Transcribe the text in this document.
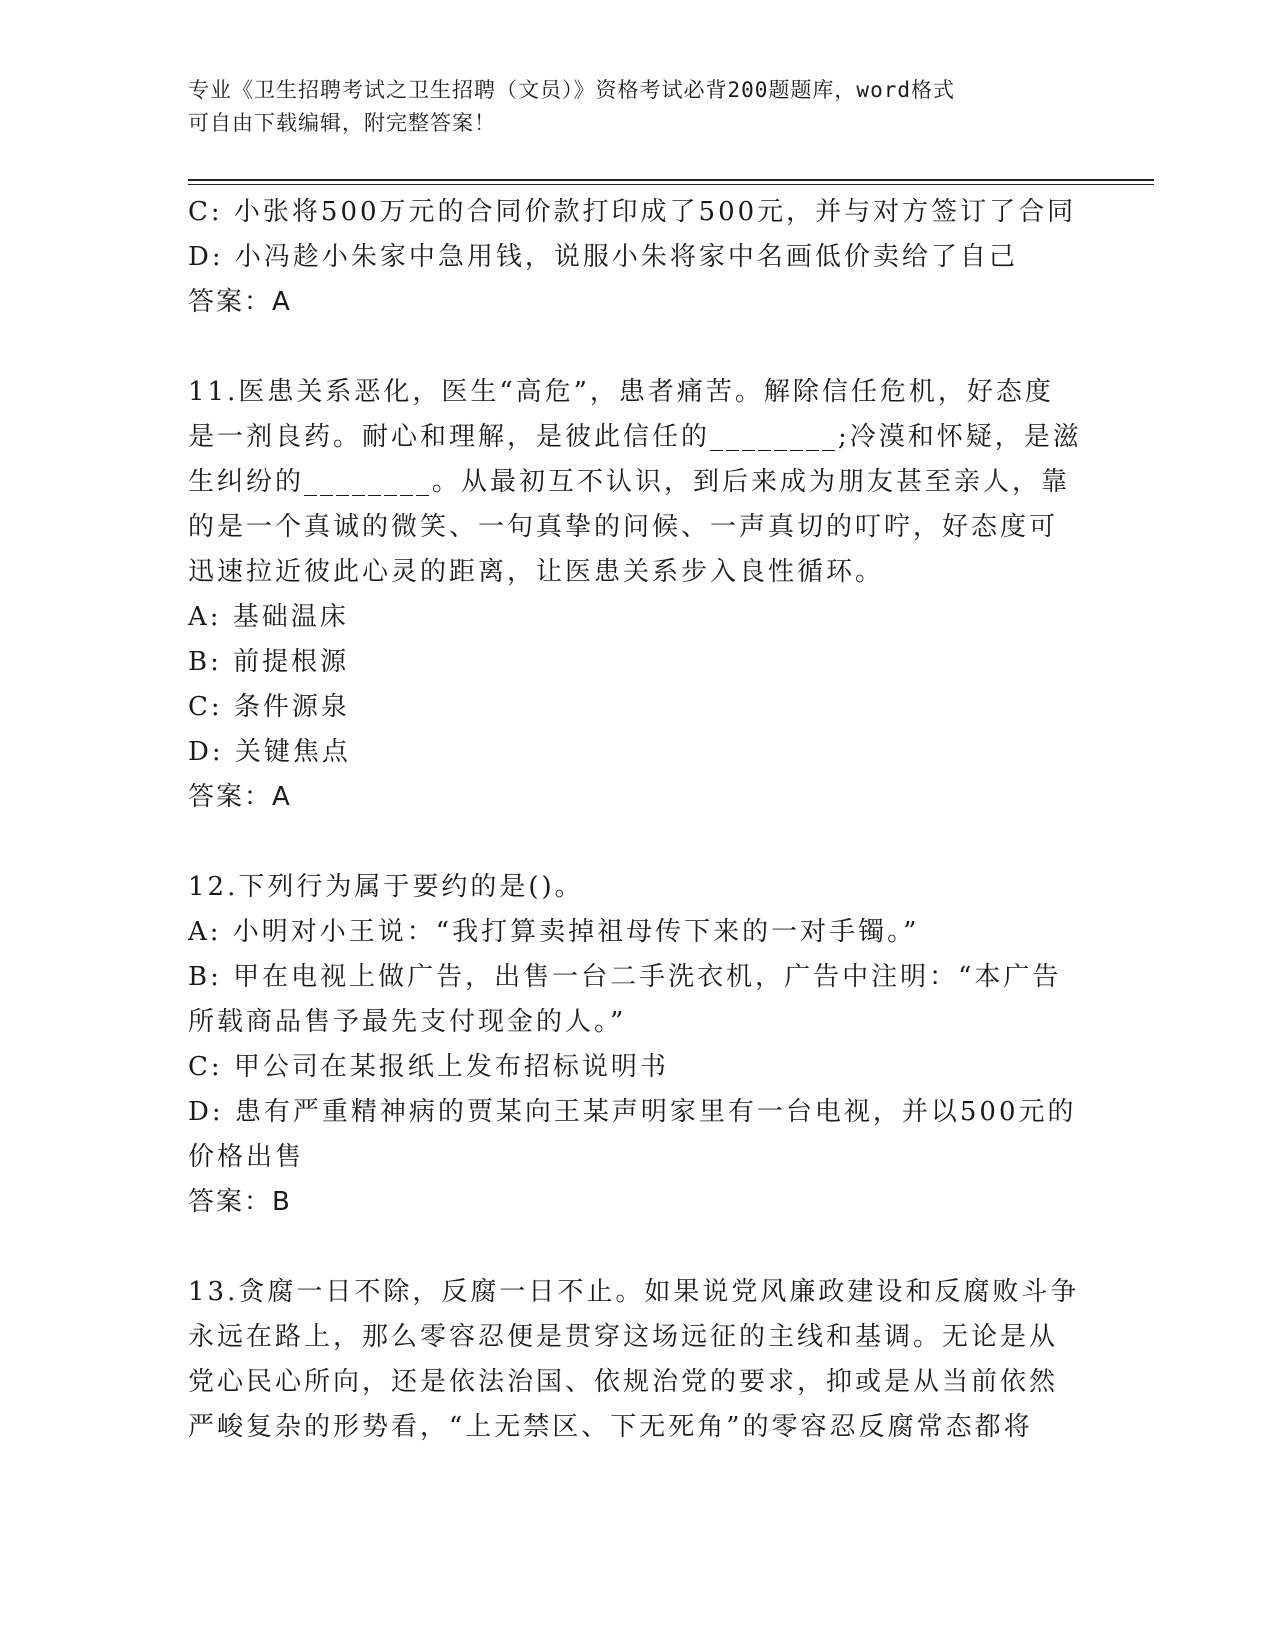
专业《卫生招聘考试之卫生招聘（文员）》资格考试必背200题题库，word格式
可自由下载编辑，附完整答案！
C: 小张将500万元的合同价款打印成了500元，并与对方签订了合同
D: 小冯趁小朱家中急用钱，说服小朱将家中名画低价卖给了自己
答案：A
11.医患关系恶化，医生“高危”，患者痛苦。解除信任危机，好态度
是一剂良药。耐心和理解，是彼此信任的________;冷漠和怀疑，是滋
生纠纷的________。从最初互不认识，到后来成为朋友甚至亲人，靠
的是一个真诚的微笑、一句真挚的问候、一声真切的叮咛，好态度可
迅速拉近彼此心灵的距离，让医患关系步入良性循环。
A: 基础温床
B: 前提根源
C: 条件源泉
D: 关键焦点
答案：A
12.下列行为属于要约的是()。
A: 小明对小王说：“我打算卖掉祖母传下来的一对手镯。”
B: 甲在电视上做广告，出售一台二手洗衣机，广告中注明：“本广告
所载商品售予最先支付现金的人。”
C: 甲公司在某报纸上发布招标说明书
D: 患有严重精神病的贾某向王某声明家里有一台电视，并以500元的
价格出售
答案：B
13.贪腐一日不除，反腐一日不止。如果说党风廉政建设和反腐败斗争
永远在路上，那么零容忍便是贯穿这场远征的主线和基调。无论是从
党心民心所向，还是依法治国、依规治党的要求，抑或是从当前依然
严峻复杂的形势看，“上无禁区、下无死角”的零容忍反腐常态都将
